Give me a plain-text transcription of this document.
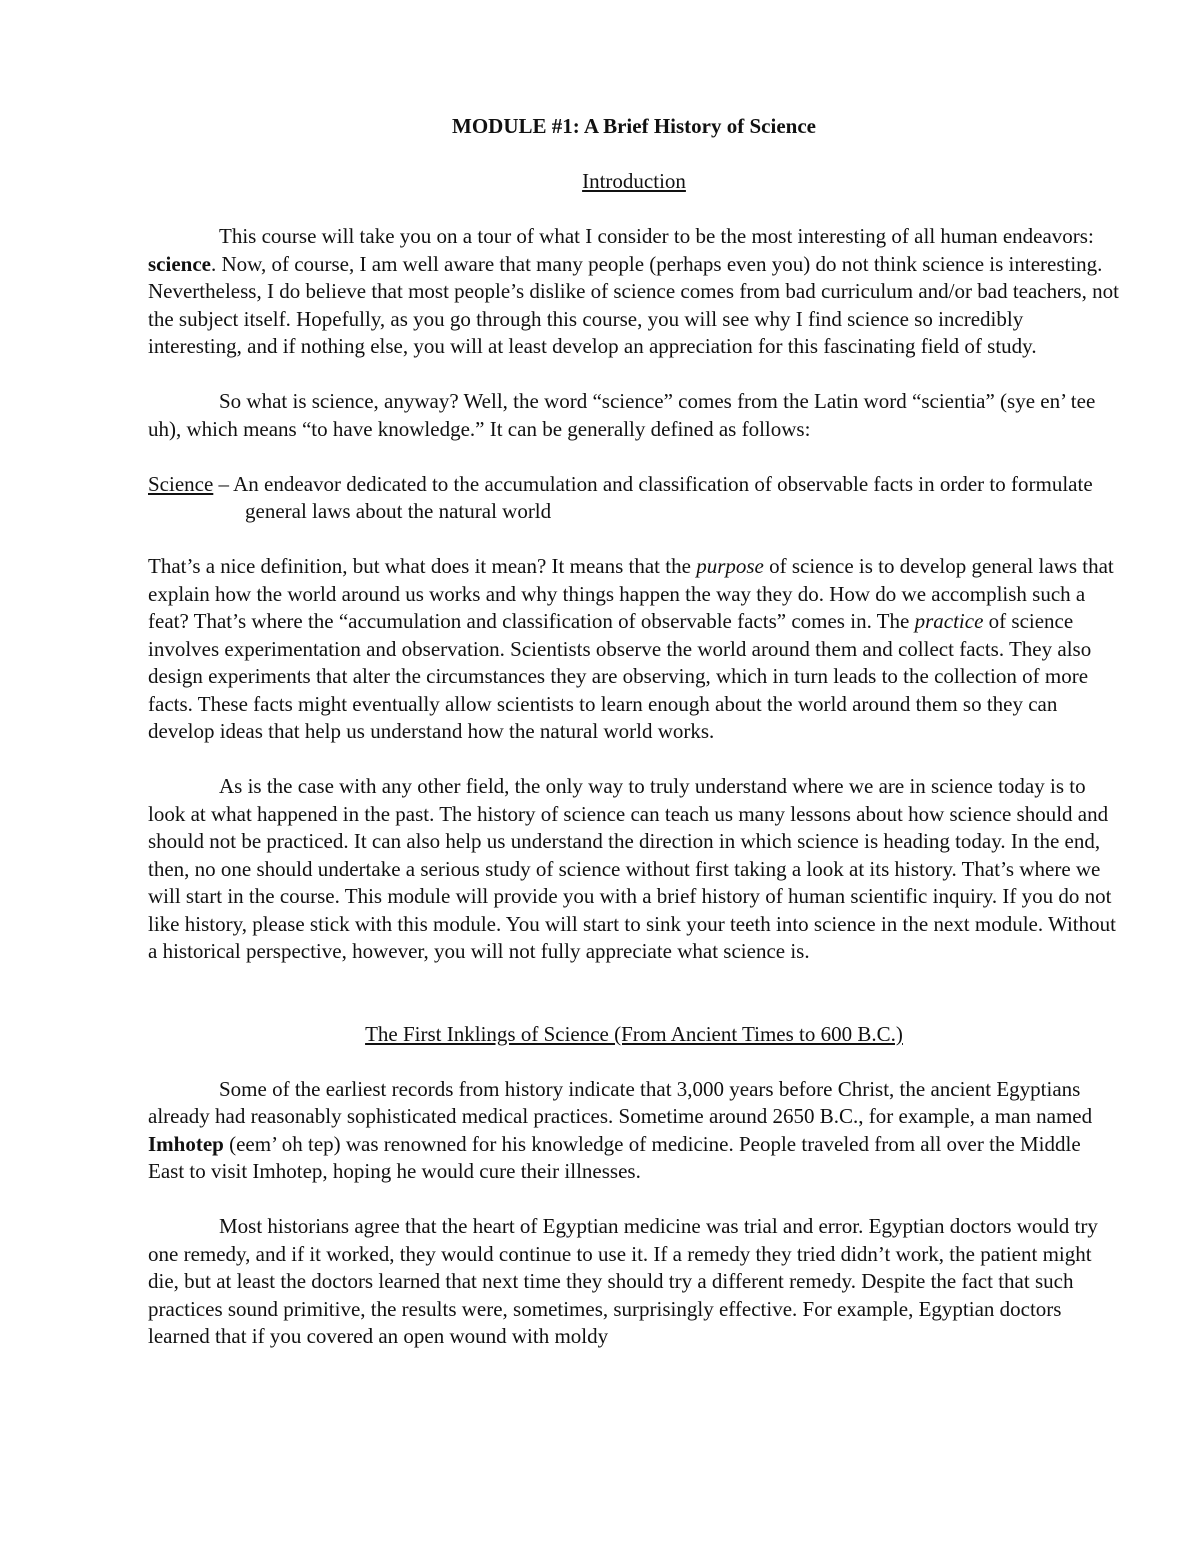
MODULE #1: A Brief History of Science

Introduction

This course will take you on a tour of what I consider to be the most interesting of all human endeavors: science. Now, of course, I am well aware that many people (perhaps even you) do not think science is interesting. Nevertheless, I do believe that most people’s dislike of science comes from bad curriculum and/or bad teachers, not the subject itself. Hopefully, as you go through this course, you will see why I find science so incredibly interesting, and if nothing else, you will at least develop an appreciation for this fascinating field of study.

So what is science, anyway? Well, the word “science” comes from the Latin word “scientia” (sye en’ tee uh), which means “to have knowledge.” It can be generally defined as follows:

Science – An endeavor dedicated to the accumulation and classification of observable facts in order to formulate general laws about the natural world

That’s a nice definition, but what does it mean? It means that the purpose of science is to develop general laws that explain how the world around us works and why things happen the way they do. How do we accomplish such a feat? That’s where the “accumulation and classification of observable facts” comes in. The practice of science involves experimentation and observation. Scientists observe the world around them and collect facts. They also design experiments that alter the circumstances they are observing, which in turn leads to the collection of more facts. These facts might eventually allow scientists to learn enough about the world around them so they can develop ideas that help us understand how the natural world works.

As is the case with any other field, the only way to truly understand where we are in science today is to look at what happened in the past. The history of science can teach us many lessons about how science should and should not be practiced. It can also help us understand the direction in which science is heading today. In the end, then, no one should undertake a serious study of science without first taking a look at its history. That’s where we will start in the course. This module will provide you with a brief history of human scientific inquiry. If you do not like history, please stick with this module. You will start to sink your teeth into science in the next module. Without a historical perspective, however, you will not fully appreciate what science is.

The First Inklings of Science (From Ancient Times to 600 B.C.)

Some of the earliest records from history indicate that 3,000 years before Christ, the ancient Egyptians already had reasonably sophisticated medical practices. Sometime around 2650 B.C., for example, a man named Imhotep (eem’ oh tep) was renowned for his knowledge of medicine. People traveled from all over the Middle East to visit Imhotep, hoping he would cure their illnesses.

Most historians agree that the heart of Egyptian medicine was trial and error. Egyptian doctors would try one remedy, and if it worked, they would continue to use it. If a remedy they tried didn’t work, the patient might die, but at least the doctors learned that next time they should try a different remedy. Despite the fact that such practices sound primitive, the results were, sometimes, surprisingly effective. For example, Egyptian doctors learned that if you covered an open wound with moldy
